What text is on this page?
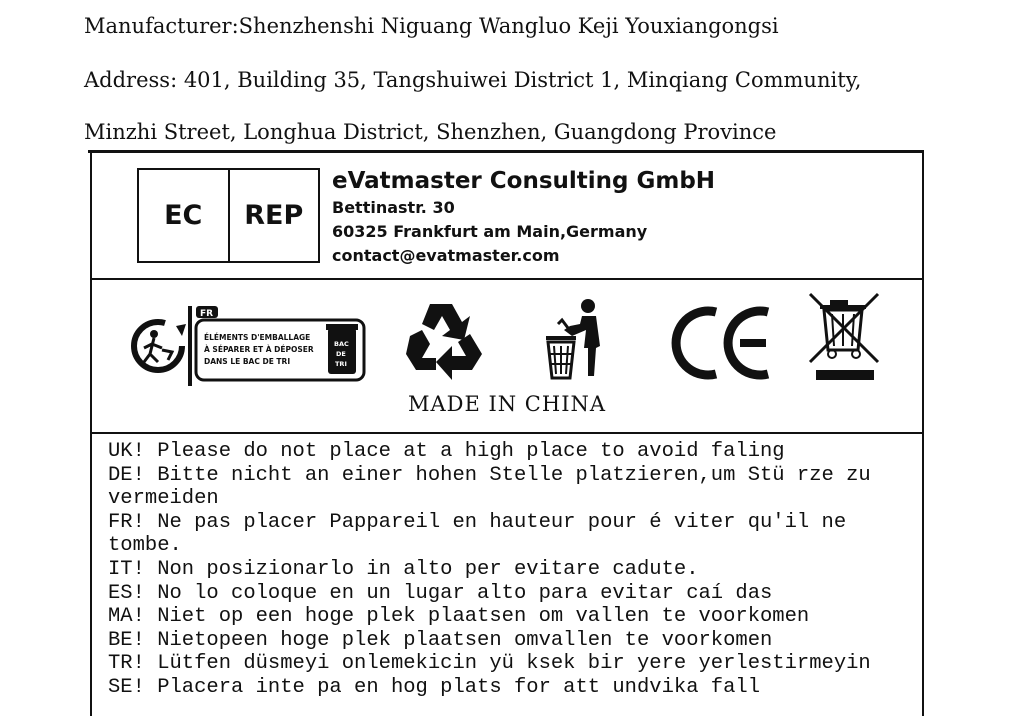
Manufacturer:Shenzhenshi Niguang Wangluo Keji Youxiangongsi
Address: 401, Building 35, Tangshuiwei District 1, Minqiang Community,
Minzhi Street, Longhua District, Shenzhen, Guangdong Province
EC	REP
eVatmaster Consulting GmbH
Bettinastr. 30
60325 Frankfurt am Main,Germany
contact@evatmaster.com
FR
ÉLÉMENTS D'EMBALLAGE
À SÉPARER ET À DÉPOSER
DANS LE BAC DE TRI
BAC
DE
TRI
MADE IN CHINA
UK! Please do not place at a high place to avoid faling
DE! Bitte nicht an einer hohen Stelle platzieren,um Stü rze zu
vermeiden
FR! Ne pas placer Pappareil en hauteur pour é viter qu'il ne
tombe.
IT! Non posizionarlo in alto per evitare cadute.
ES! No lo coloque en un lugar alto para evitar caí das
MA! Niet op een hoge plek plaatsen om vallen te voorkomen
BE! Nietopeen hoge plek plaatsen omvallen te voorkomen
TR! Lütfen düsmeyi onlemekicin yü ksek bir yere yerlestirmeyin
SE! Placera inte pa en hog plats for att undvika fall
